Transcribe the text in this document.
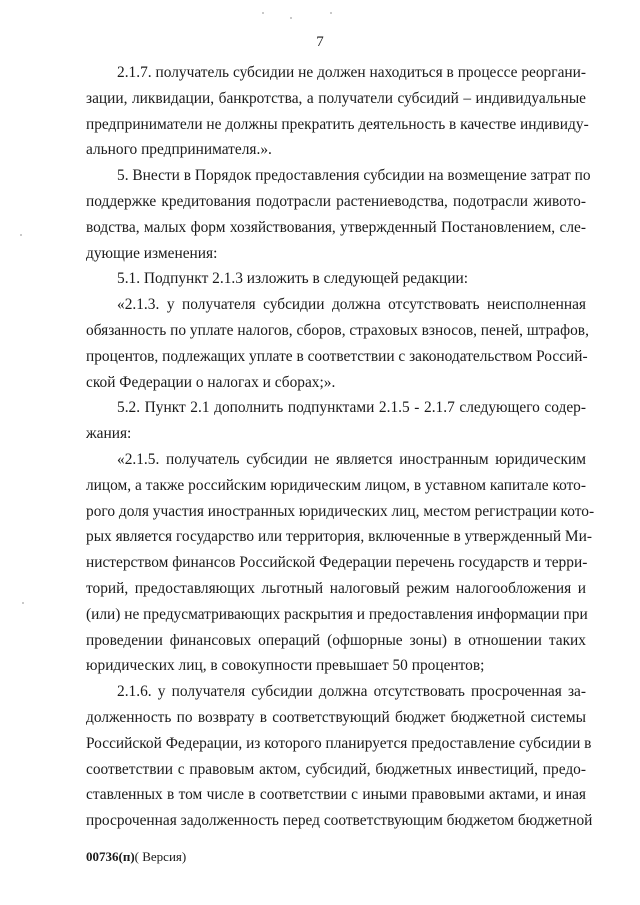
7
2.1.7. получатель субсидии не должен находиться в процессе реоргани-
зации, ликвидации, банкротства, а получатели субсидий – индивидуальные
предприниматели не должны прекратить деятельность в качестве индивиду-
ального предпринимателя.».
5. Внести в Порядок предоставления субсидии на возмещение затрат по
поддержке кредитования подотрасли растениеводства, подотрасли живото-
водства, малых форм хозяйствования, утвержденный Постановлением, сле-
дующие изменения:
5.1. Подпункт 2.1.3 изложить в следующей редакции:
«2.1.3. у получателя субсидии должна отсутствовать неисполненная
обязанность по уплате налогов, сборов, страховых взносов, пеней, штрафов,
процентов, подлежащих уплате в соответствии с законодательством Россий-
ской Федерации о налогах и сборах;».
5.2. Пункт 2.1 дополнить подпунктами 2.1.5 - 2.1.7 следующего содер-
жания:
«2.1.5. получатель субсидии не является иностранным юридическим
лицом, а также российским юридическим лицом, в уставном капитале кото-
рого доля участия иностранных юридических лиц, местом регистрации кото-
рых является государство или территория, включенные в утвержденный Ми-
нистерством финансов Российской Федерации перечень государств и терри-
торий, предоставляющих льготный налоговый режим налогообложения и
(или) не предусматривающих раскрытия и предоставления информации при
проведении финансовых операций (офшорные зоны) в отношении таких
юридических лиц, в совокупности превышает 50 процентов;
2.1.6. у получателя субсидии должна отсутствовать просроченная за-
долженность по возврату в соответствующий бюджет бюджетной системы
Российской Федерации, из которого планируется предоставление субсидии в
соответствии с правовым актом, субсидий, бюджетных инвестиций, предо-
ставленных в том числе в соответствии с иными правовыми актами, и иная
просроченная задолженность перед соответствующим бюджетом бюджетной
00736(п)( Версия)
